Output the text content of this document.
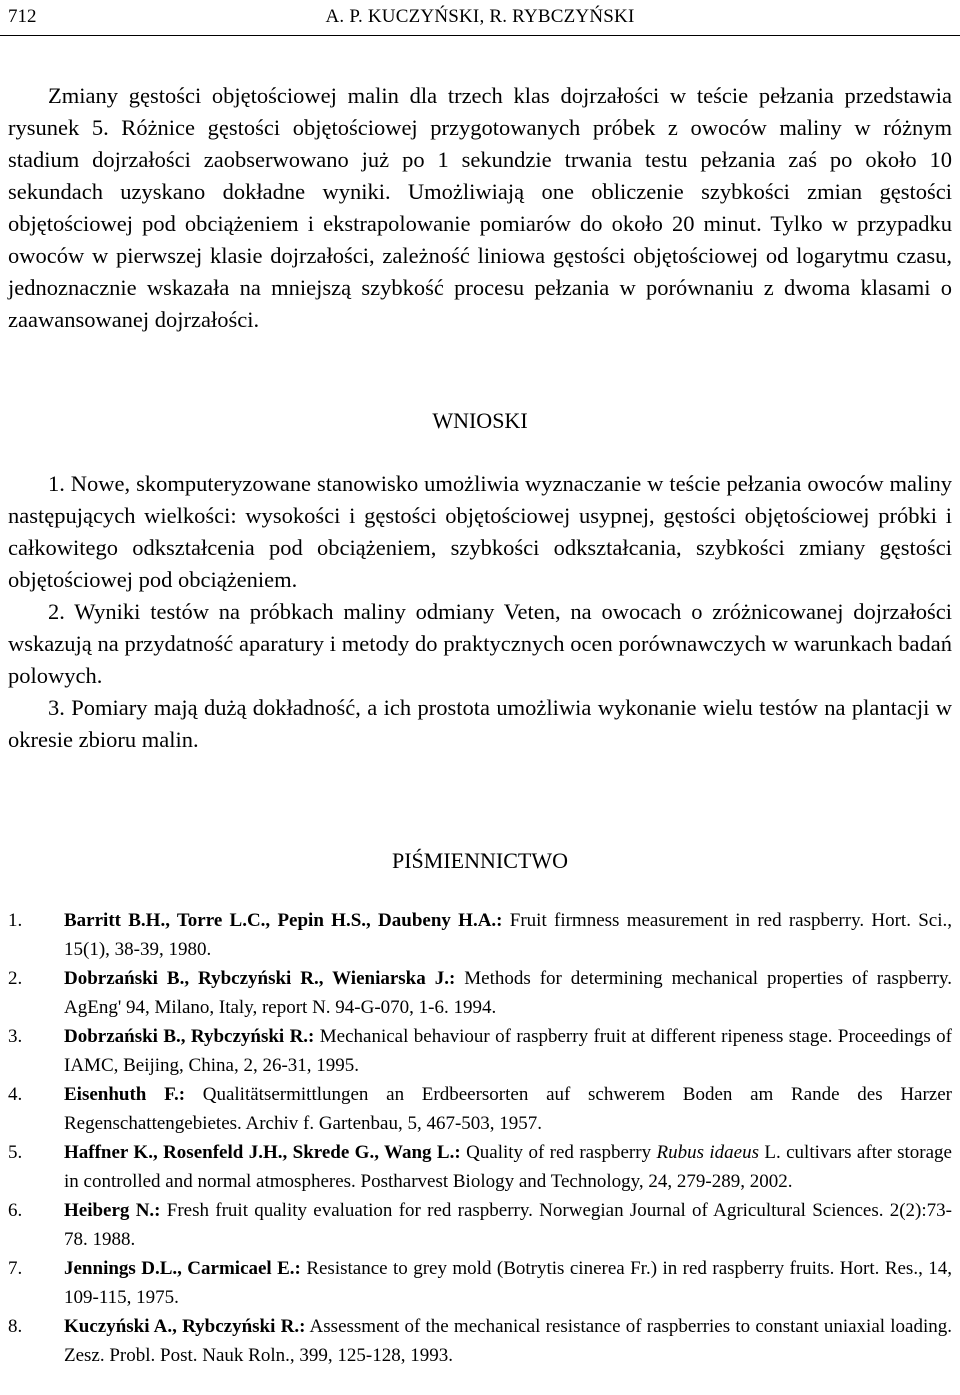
712	A. P. KUCZYŃSKI, R. RYBCZYŃSKI

Zmiany gęstości objętościowej malin dla trzech klas dojrzałości w teście pełzania przedstawia rysunek 5. Różnice gęstości objętościowej przygotowanych próbek z owoców maliny w różnym stadium dojrzałości zaobserwowano już po 1 sekundzie trwania testu pełzania zaś po około 10 sekundach uzyskano dokładne wyniki. Umożliwiają one obliczenie szybkości zmian gęstości objętościowej pod obciążeniem i ekstrapolowanie pomiarów do około 20 minut. Tylko w przypadku owoców w pierwszej klasie dojrzałości, zależność liniowa gęstości objętościowej od logarytmu czasu, jednoznacznie wskazała na mniejszą szybkość procesu pełzania w porównaniu z dwoma klasami o zaawansowanej dojrzałości.

WNIOSKI

1. Nowe, skomputeryzowane stanowisko umożliwia wyznaczanie w teście pełzania owoców maliny następujących wielkości: wysokości i gęstości objętościowej usypnej, gęstości objętościowej próbki i całkowitego odkształcenia pod obciążeniem, szybkości odkształcania, szybkości zmiany gęstości objętościowej pod obciążeniem.

2. Wyniki testów na próbkach maliny odmiany Veten, na owocach o zróżnicowanej dojrzałości wskazują na przydatność aparatury i metody do praktycznych ocen porównawczych w warunkach badań polowych.

3. Pomiary mają dużą dokładność, a ich prostota umożliwia wykonanie wielu testów na plantacji w okresie zbioru malin.

PIŚMIENNICTWO
1.	Barritt B.H., Torre L.C., Pepin H.S., Daubeny H.A.: Fruit firmness measurement in red raspberry. Hort. Sci., 15(1), 38-39, 1980.
2.	Dobrzański B., Rybczyński R., Wieniarska J.: Methods for determining mechanical properties of raspberry. AgEng' 94, Milano, Italy, report N. 94-G-070, 1-6. 1994.
3.	Dobrzański B., Rybczyński R.: Mechanical behaviour of raspberry fruit at different ripeness stage. Proceedings of IAMC, Beijing, China, 2, 26-31, 1995.
4.	Eisenhuth F.: Qualitätsermittlungen an Erdbeersorten auf schwerem Boden am Rande des Harzer Regenschattengebietes. Archiv f. Gartenbau, 5, 467-503, 1957.
5.	Haffner K., Rosenfeld J.H., Skrede G., Wang L.: Quality of red raspberry Rubus idaeus L. cultivars after storage in controlled and normal atmospheres. Postharvest Biology and Technology, 24, 279-289, 2002.
6.	Heiberg N.: Fresh fruit quality evaluation for red raspberry. Norwegian Journal of Agricultural Sciences. 2(2):73-78. 1988.
7.	Jennings D.L., Carmicael E.: Resistance to grey mold (Botrytis cinerea Fr.) in red raspberry fruits. Hort. Res., 14, 109-115, 1975.
8.	Kuczyński A., Rybczyński R.: Assessment of the mechanical resistance of raspberries to constant uniaxial loading. Zesz. Probl. Post. Nauk Roln., 399, 125-128, 1993.
